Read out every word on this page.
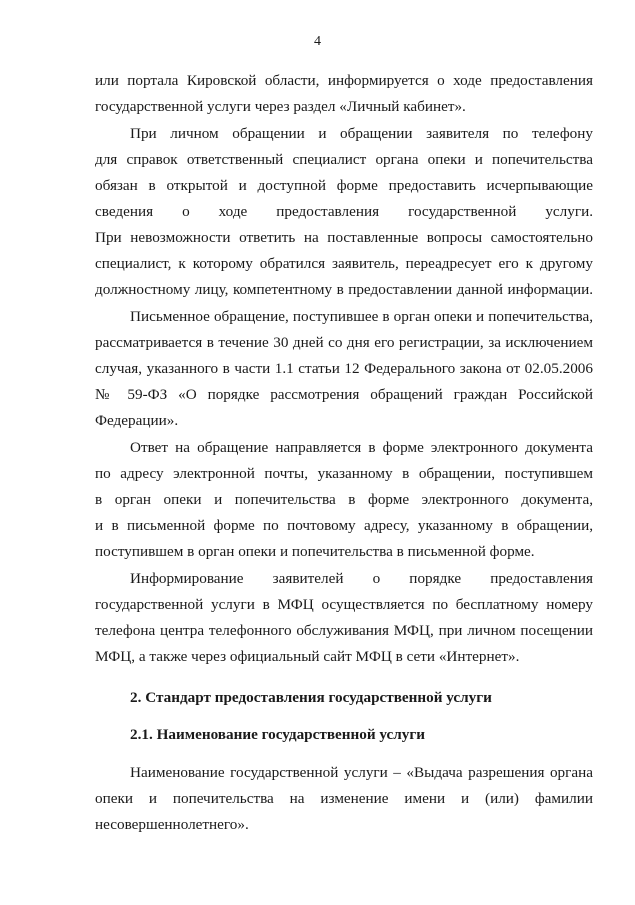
4
или портала Кировской области, информируется о ходе предоставления
государственной услуги через раздел «Личный кабинет».
При личном обращении и обращении заявителя по телефону
для справок ответственный специалист органа опеки и попечительства
обязан в открытой и доступной форме предоставить исчерпывающие
сведения о ходе предоставления государственной услуги.
При невозможности ответить на поставленные вопросы самостоятельно
специалист, к которому обратился заявитель, переадресует его к другому
должностному лицу, компетентному в предоставлении данной информации.
Письменное обращение, поступившее в орган опеки и попечительства,
рассматривается в течение 30 дней со дня его регистрации, за исключением
случая, указанного в части 1.1 статьи 12 Федерального закона от 02.05.2006
№ 59-ФЗ «О порядке рассмотрения обращений граждан Российской
Федерации».
Ответ на обращение направляется в форме электронного документа
по адресу электронной почты, указанному в обращении, поступившем
в орган опеки и попечительства в форме электронного документа,
и в письменной форме по почтовому адресу, указанному в обращении,
поступившем в орган опеки и попечительства в письменной форме.
Информирование заявителей о порядке предоставления
государственной услуги в МФЦ осуществляется по бесплатному номеру
телефона центра телефонного обслуживания МФЦ, при личном посещении
МФЦ, а также через официальный сайт МФЦ в сети «Интернет».
2. Стандарт предоставления государственной услуги
2.1. Наименование государственной услуги
Наименование государственной услуги – «Выдача разрешения органа
опеки и попечительства на изменение имени и (или) фамилии
несовершеннолетнего».
